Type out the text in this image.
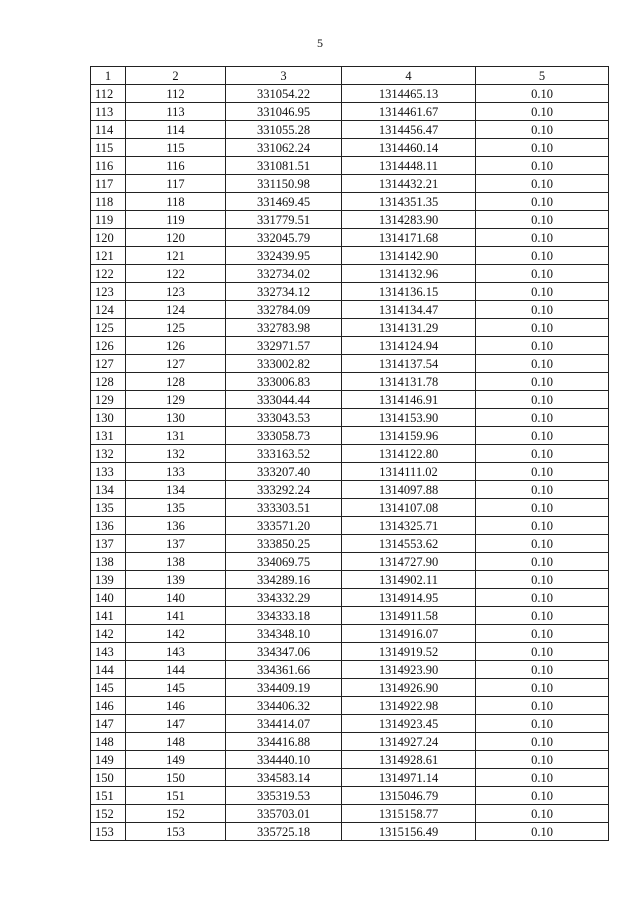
5
1	2	3	4	5
112	112	331054.22	1314465.13	0.10
113	113	331046.95	1314461.67	0.10
114	114	331055.28	1314456.47	0.10
115	115	331062.24	1314460.14	0.10
116	116	331081.51	1314448.11	0.10
117	117	331150.98	1314432.21	0.10
118	118	331469.45	1314351.35	0.10
119	119	331779.51	1314283.90	0.10
120	120	332045.79	1314171.68	0.10
121	121	332439.95	1314142.90	0.10
122	122	332734.02	1314132.96	0.10
123	123	332734.12	1314136.15	0.10
124	124	332784.09	1314134.47	0.10
125	125	332783.98	1314131.29	0.10
126	126	332971.57	1314124.94	0.10
127	127	333002.82	1314137.54	0.10
128	128	333006.83	1314131.78	0.10
129	129	333044.44	1314146.91	0.10
130	130	333043.53	1314153.90	0.10
131	131	333058.73	1314159.96	0.10
132	132	333163.52	1314122.80	0.10
133	133	333207.40	1314111.02	0.10
134	134	333292.24	1314097.88	0.10
135	135	333303.51	1314107.08	0.10
136	136	333571.20	1314325.71	0.10
137	137	333850.25	1314553.62	0.10
138	138	334069.75	1314727.90	0.10
139	139	334289.16	1314902.11	0.10
140	140	334332.29	1314914.95	0.10
141	141	334333.18	1314911.58	0.10
142	142	334348.10	1314916.07	0.10
143	143	334347.06	1314919.52	0.10
144	144	334361.66	1314923.90	0.10
145	145	334409.19	1314926.90	0.10
146	146	334406.32	1314922.98	0.10
147	147	334414.07	1314923.45	0.10
148	148	334416.88	1314927.24	0.10
149	149	334440.10	1314928.61	0.10
150	150	334583.14	1314971.14	0.10
151	151	335319.53	1315046.79	0.10
152	152	335703.01	1315158.77	0.10
153	153	335725.18	1315156.49	0.10
